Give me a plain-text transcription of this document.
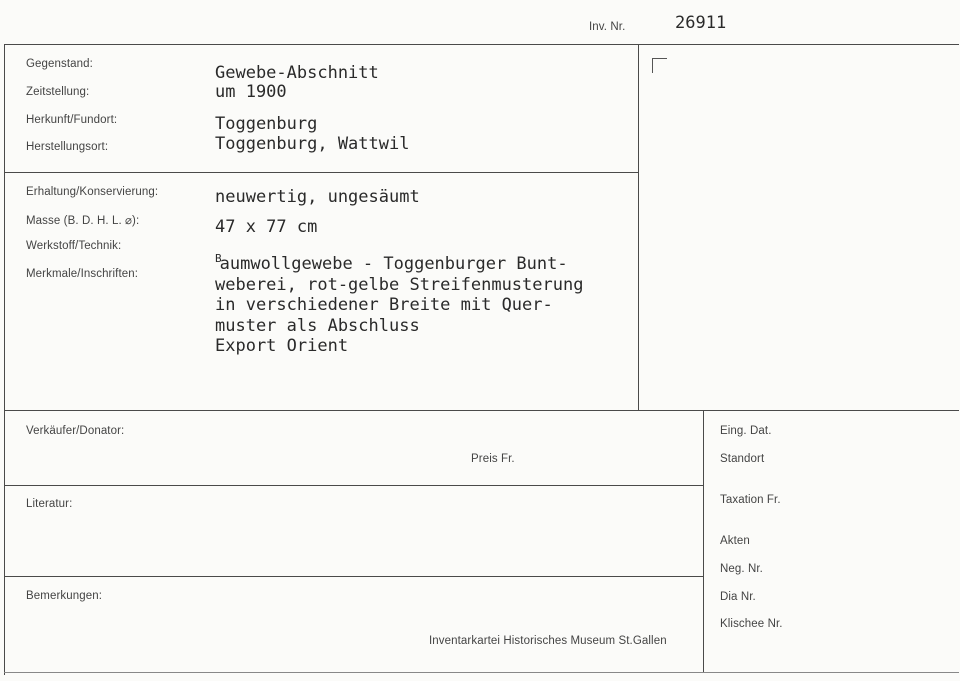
Inv. Nr.	26911
Gegenstand:
Zeitstellung:
Herkunft/Fundort:
Herstellungsort:
Gewebe-Abschnitt
um 1900
Toggenburg
Toggenburg, Wattwil
Erhaltung/Konservierung:
Masse (B. D. H. L. ⌀):
Werkstoff/Technik:
Merkmale/Inschriften:
neuwertig, ungesäumt
47 x 77 cm
$^B$aumwollgewebe - Toggenburger Bunt-
weberei, rot-gelbe Streifenmusterung
in verschiedener Breite mit Quer-
muster als Abschluss
Export Orient
Verkäufer/Donator:
Preis Fr.
Literatur:
Bemerkungen:
Inventarkartei Historisches Museum St.Gallen
Eing. Dat.
Standort
Taxation Fr.
Akten
Neg. Nr.
Dia Nr.
Klischee Nr.
